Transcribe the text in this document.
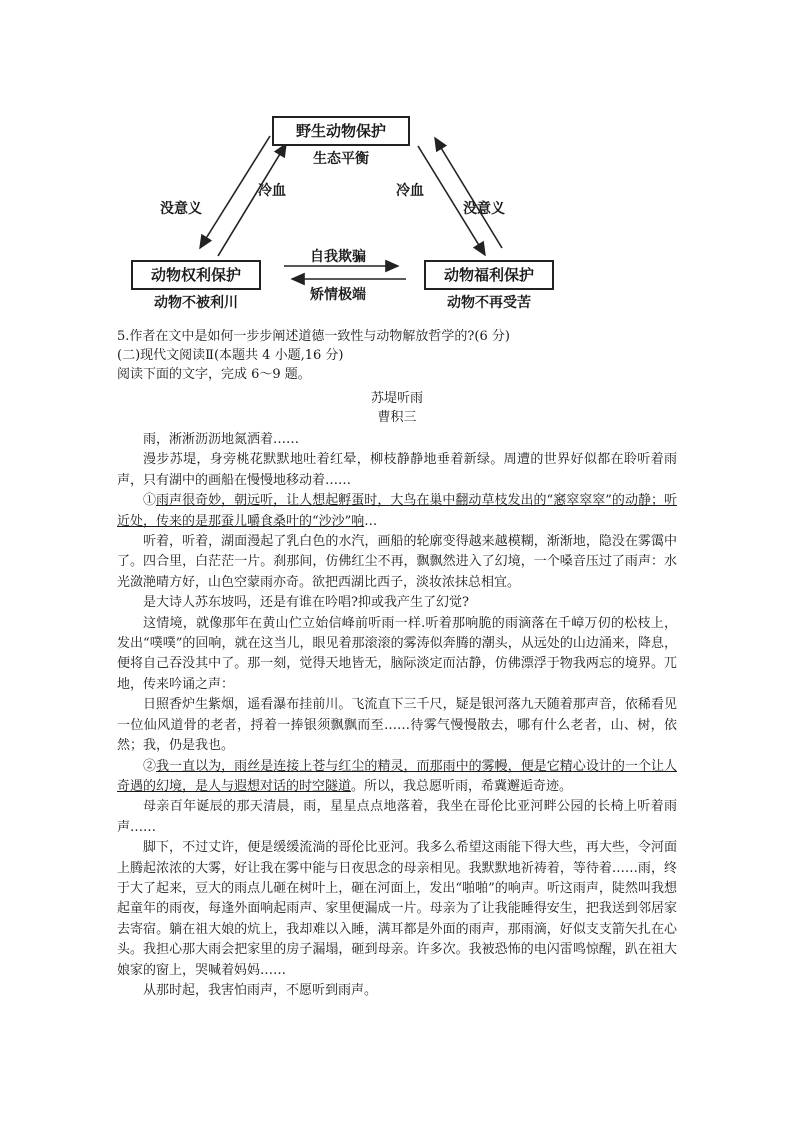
野生动物保护
生态平衡
动物权利保护
动物不被利川
动物福利保护
动物不再受苦
没意义
冷血	冷血
没意义
自我欺骗
矫情极端
5.作者在文中是如何一步步阐述道德一致性与动物解放哲学的?(6 分)
(二)现代文阅读Ⅱ(本题共 4 小题,16 分)
阅读下面的文字，完成 6～9 题。
苏堤听雨
曹积三

雨，淅淅沥沥地氮洒着……

漫步苏堤，身旁桃花默默地吐着红晕，柳枝静静地垂着新绿。周遭的世界好似都在聆听着雨声，只有湖中的画船在慢慢地移动着……

①雨声很奇妙，朝远听，让人想起孵蛋时，大鸟在巢中翻动草枝发出的“窸窣窣窣”的动静；听近处，传来的是那蚕儿嚼食桑叶的“沙沙”响…

听着，听着，湖面漫起了乳白色的水汽，画船的轮廓变得越来越模糊，渐渐地，隐没在雾霭中了。四合里，白茫茫一片。刹那间，仿佛红尘不再，飘飘然进入了幻境，一个嗓音压过了雨声：水光潋滟晴方好，山色空蒙雨亦奇。欲把西湖比西子，淡妆浓抹总相宜。

是大诗人苏东坡吗，还是有谁在吟唱?抑或我产生了幻觉?

这情境，就像那年在黄山伫立始信峰前听雨一样.听着那响脆的雨滴落在千嶂万仞的松枝上，发出“噗噗”的回响，就在这当儿，眼见着那滚滚的雾涛似奔腾的潮头，从远处的山边涌来，降息，便将自己吞没其中了。那一刻，觉得天地皆无，脑际淡定而沽静，仿佛漂浮于物我两忘的境界。兀地，传来吟诵之声：

日照香炉生紫烟，遥看瀑布挂前川。飞流直下三千尺，疑是银河落九天随着那声音，依稀看见一位仙风道骨的老者，捋着一捧银须飘飘而至……待雾气慢慢散去，哪有什么老者，山、树，依然；我，仍是我也。

②我一直以为，雨丝是连接上苍与红尘的精灵，而那雨中的雾幔，便是它精心设计的一个让人奇遇的幻境，是人与遐想对话的时空隧道。所以，我总愿听雨，希冀邂逅奇迹。

母亲百年诞辰的那天清晨，雨，星星点点地落着，我坐在哥伦比亚河畔公园的长椅上听着雨声……

脚下，不过丈许，便是缓缓流淌的哥伦比亚河。我多么希望这雨能下得大些，再大些，令河面上腾起浓浓的大雾，好让我在雾中能与日夜思念的母亲相见。我默默地祈祷着，等待着……雨，终于大了起来，豆大的雨点儿砸在树叶上，砸在河面上，发出“啪啪”的响声。听这雨声，陡然叫我想起童年的雨夜，每逢外面响起雨声、家里便漏成一片。母亲为了让我能睡得安生，把我送到邻居家去寄宿。躺在祖大娘的炕上，我却难以入睡，满耳都是外面的雨声，那雨滴，好似支支箭矢扎在心头。我担心那大雨会把家里的房子漏塌，砸到母亲。许多次。我被恐怖的电闪雷鸣惊醒，趴在祖大娘家的窗上，哭喊着妈妈……

从那时起，我害怕雨声，不愿听到雨声。
